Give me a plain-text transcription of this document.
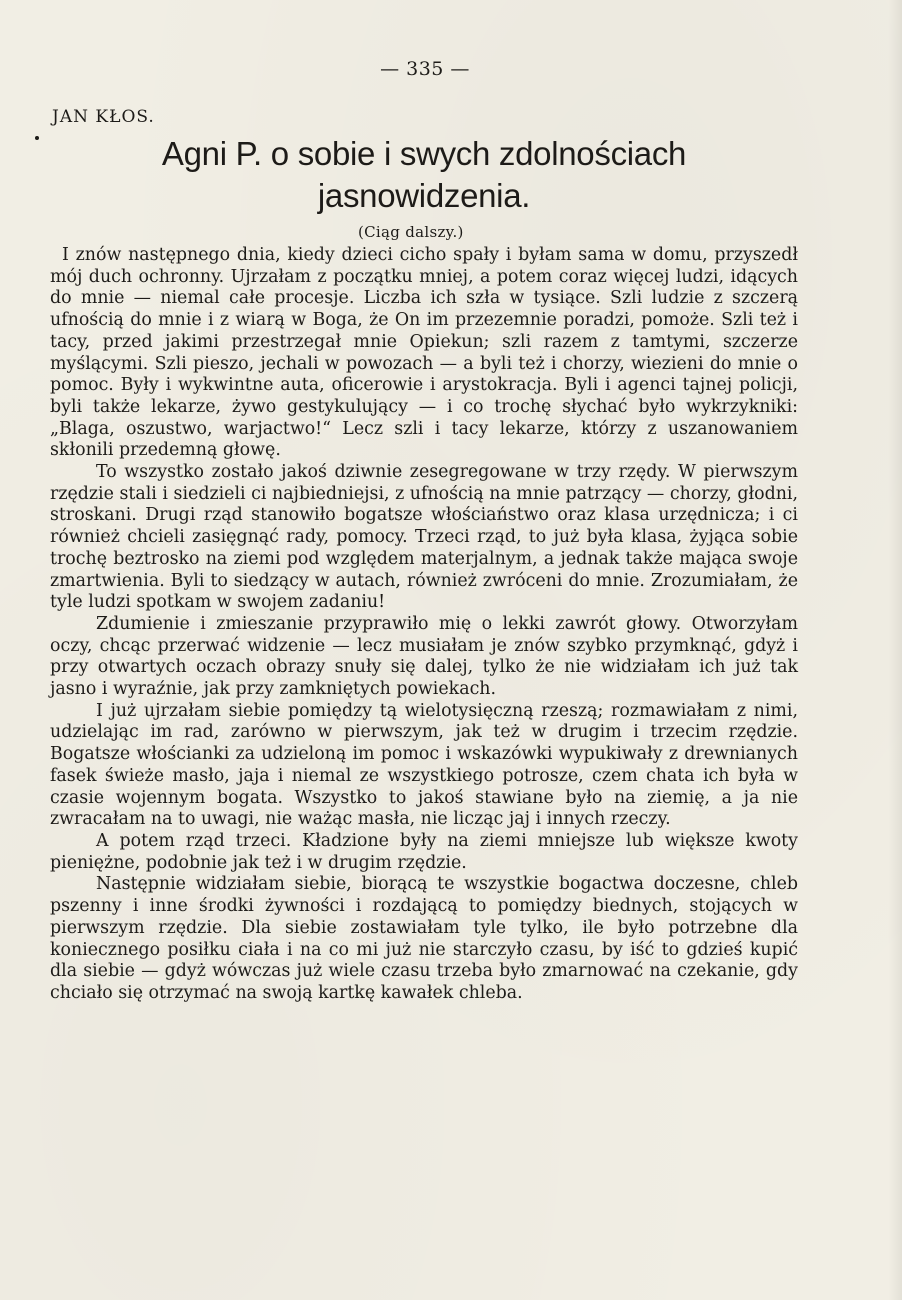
— 335 —
JAN KŁOS.
Agni P. o sobie i swych zdolnościach jasnowidzenia.
(Ciąg dalszy.)

I znów następnego dnia, kiedy dzieci cicho spały i byłam sama w domu, przyszedł mój duch ochronny. Ujrzałam z początku mniej, a potem coraz więcej ludzi, idących do mnie — niemal całe procesje. Liczba ich szła w tysiące. Szli ludzie z szczerą ufnością do mnie i z wiarą w Boga, że On im przezemnie poradzi, pomoże. Szli też i tacy, przed jakimi przestrzegał mnie Opiekun; szli razem z tamtymi, szczerze myślącymi. Szli pieszo, jechali w powozach — a byli też i chorzy, wiezieni do mnie o pomoc. Były i wykwintne auta, oficerowie i arystokracja. Byli i agenci tajnej policji, byli także lekarze, żywo gestykulujący — i co trochę słychać było wykrzykniki: „Blaga, oszustwo, warjactwo!“ Lecz szli i tacy lekarze, którzy z uszanowaniem skłonili przedemną głowę.

To wszystko zostało jakoś dziwnie zesegregowane w trzy rzędy. W pierwszym rzędzie stali i siedzieli ci najbiedniejsi, z ufnością na mnie patrzący — chorzy, głodni, stroskani. Drugi rząd stanowiło bogatsze włościaństwo oraz klasa urzędnicza; i ci również chcieli zasięgnąć rady, pomocy. Trzeci rząd, to już była klasa, żyjąca sobie trochę beztrosko na ziemi pod względem materjalnym, a jednak także mająca swoje zmartwienia. Byli to siedzący w autach, również zwróceni do mnie. Zrozumiałam, że tyle ludzi spotkam w swojem zadaniu!

Zdumienie i zmieszanie przyprawiło mię o lekki zawrót głowy. Otworzyłam oczy, chcąc przerwać widzenie — lecz musiałam je znów szybko przymknąć, gdyż i przy otwartych oczach obrazy snuły się dalej, tylko że nie widziałam ich już tak jasno i wyraźnie, jak przy zamkniętych powiekach.

I już ujrzałam siebie pomiędzy tą wielotysięczną rzeszą; rozmawiałam z nimi, udzielając im rad, zarówno w pierwszym, jak też w drugim i trzecim rzędzie. Bogatsze włościanki za udzieloną im pomoc i wskazówki wypukiwały z drewnianych fasek świeże masło, jaja i niemal ze wszystkiego potrosze, czem chata ich była w czasie wojennym bogata. Wszystko to jakoś stawiane było na ziemię, a ja nie zwracałam na to uwagi, nie ważąc masła, nie licząc jaj i innych rzeczy.

A potem rząd trzeci. Kładzione były na ziemi mniejsze lub większe kwoty pieniężne, podobnie jak też i w drugim rzędzie.

Następnie widziałam siebie, biorącą te wszystkie bogactwa doczesne, chleb pszenny i inne środki żywności i rozdającą to pomiędzy biednych, stojących w pierwszym rzędzie. Dla siebie zostawiałam tyle tylko, ile było potrzebne dla koniecznego posiłku ciała i na co mi już nie starczyło czasu, by iść to gdzieś kupić dla siebie — gdyż wówczas już wiele czasu trzeba było zmarnować na czekanie, gdy chciało się otrzymać na swoją kartkę kawałek chleba.
